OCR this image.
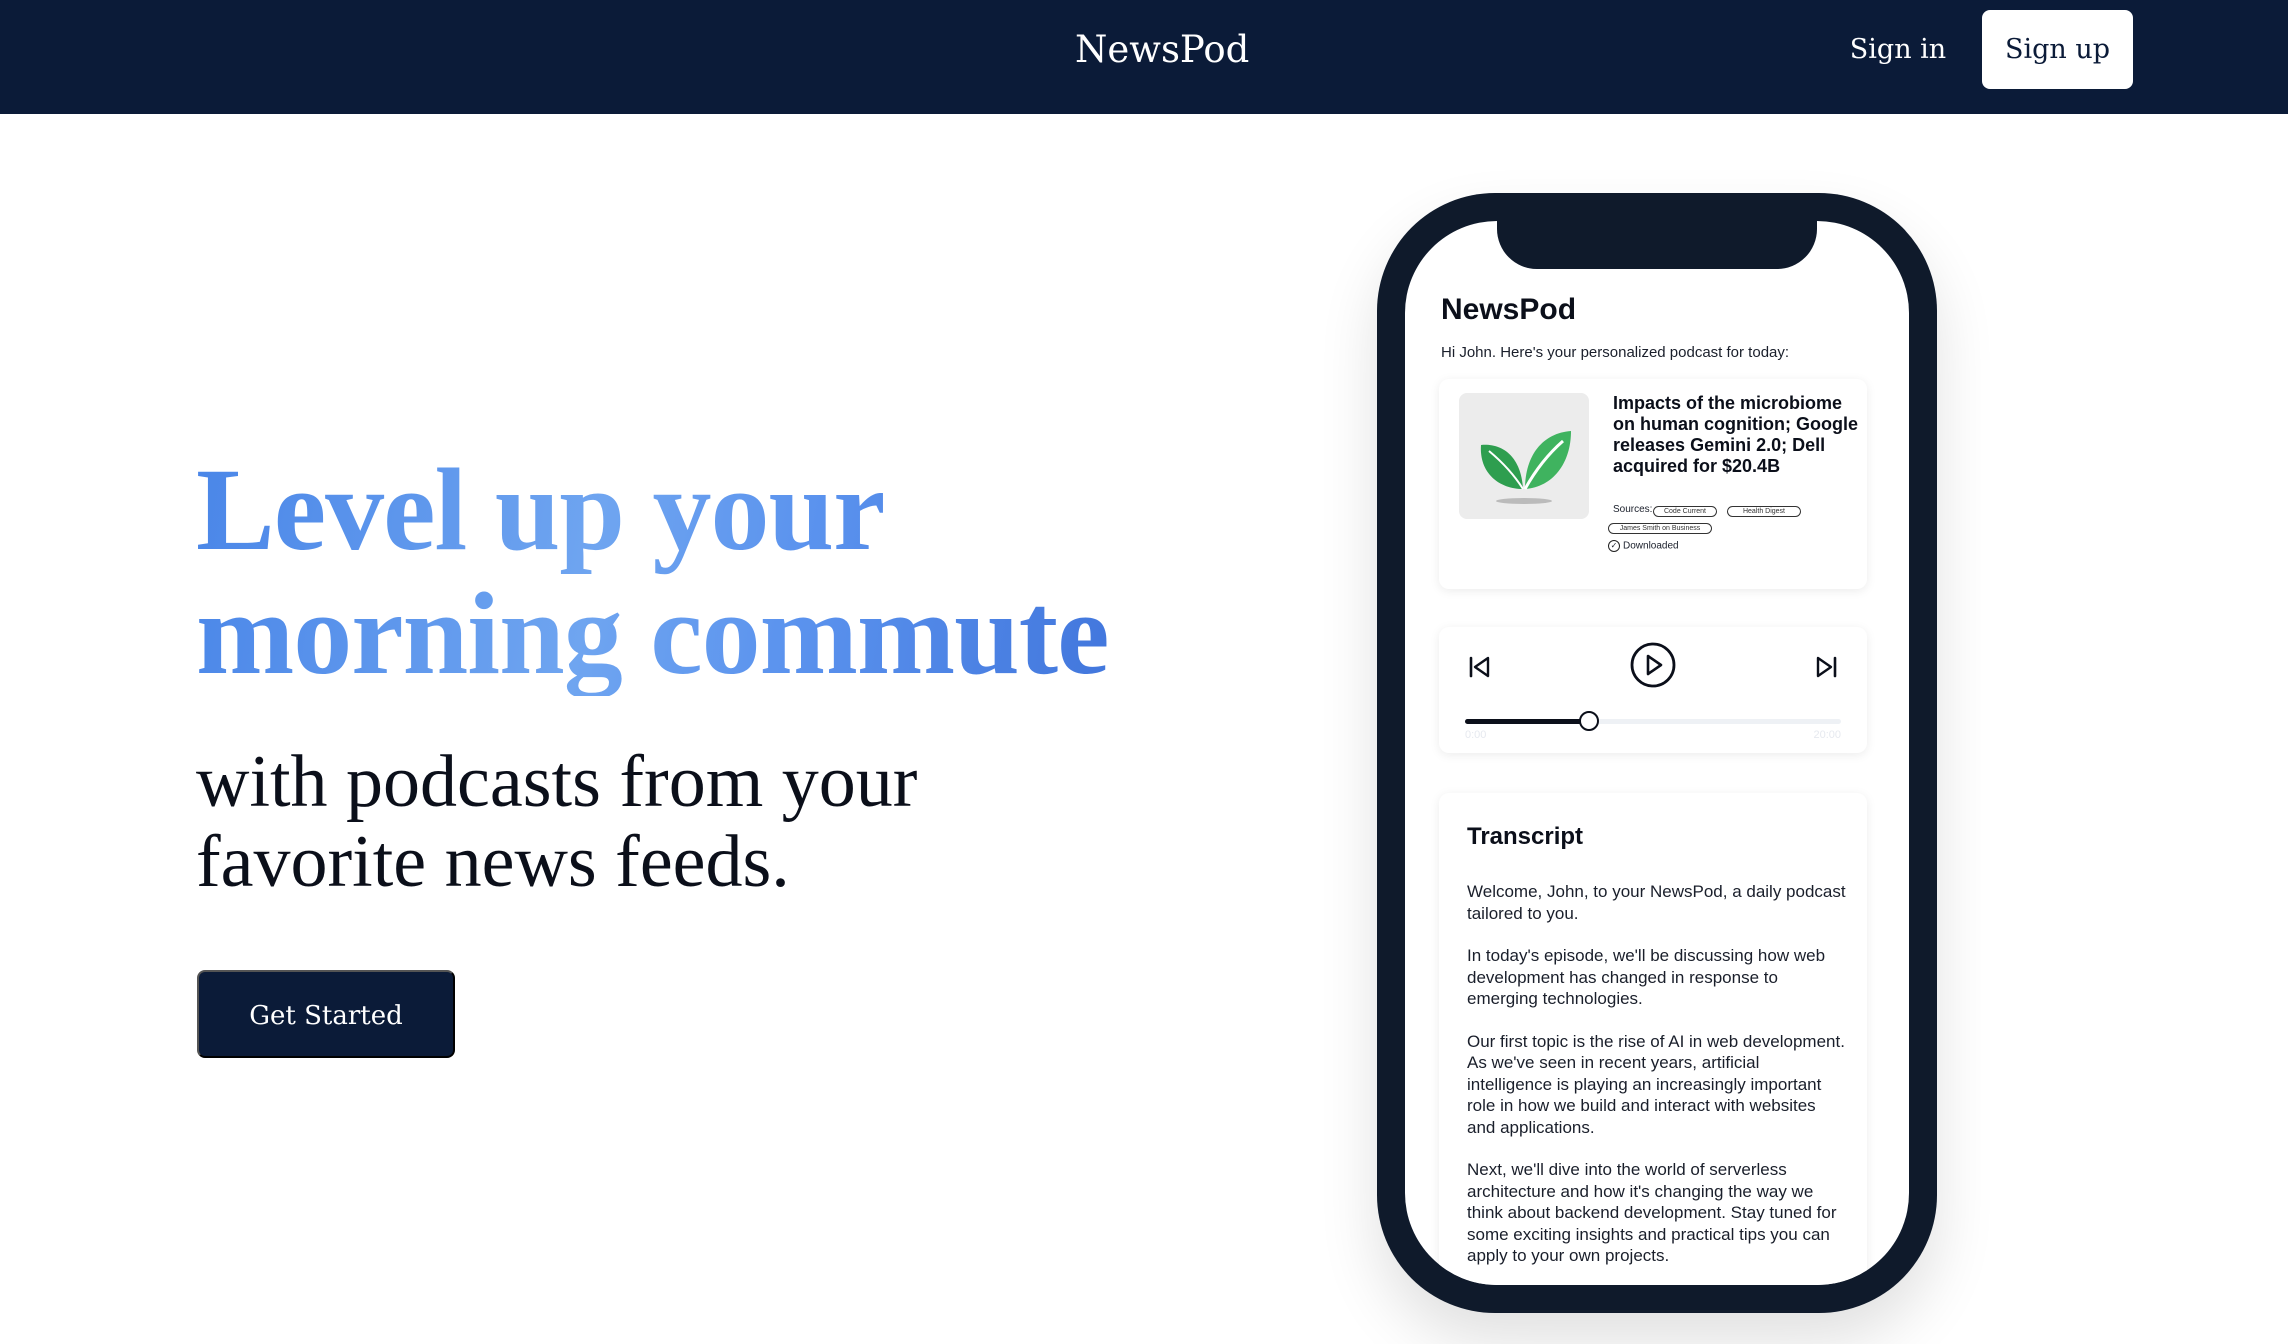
NewsPod	Sign in	Sign up
Level up your
morning commute
with podcasts from your
favorite news feeds.
Get Started
NewsPod
Hi John. Here's your personalized podcast for today:
Impacts of the microbiome on human cognition; Google releases Gemini 2.0; Dell acquired for $20.4B
Sources:	Code Current	Health Digest
James Smith on Business
✓ Downloaded
0:00	20:00
Transcript

Welcome, John, to your NewsPod, a daily podcast tailored to you.

In today's episode, we'll be discussing how web development has changed in response to emerging technologies.

Our first topic is the rise of AI in web development. As we've seen in recent years, artificial intelligence is playing an increasingly important role in how we build and interact with websites and applications.

Next, we'll dive into the world of serverless architecture and how it's changing the way we think about backend development. Stay tuned for some exciting insights and practical tips you can apply to your own projects.
